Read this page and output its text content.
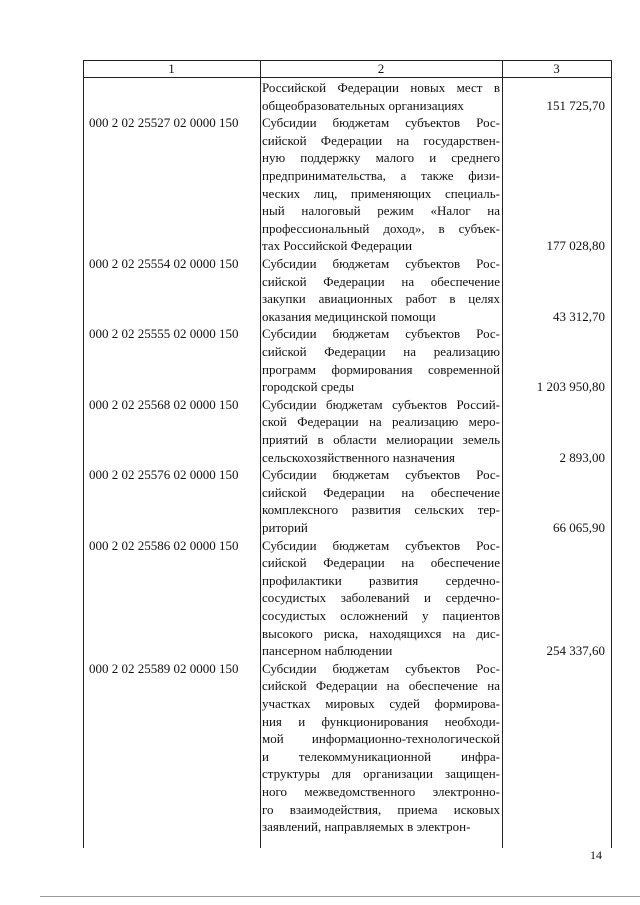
1	2	3
Российской Федерации новых мест в
общеобразовательных организациях	151 725,70
000 2 02 25527 02 0000 150	Субсидии бюджетам субъектов Рос-
сийской Федерации на государствен-
ную поддержку малого и среднего
предпринимательства, а также физи-
ческих лиц, применяющих специаль-
ный налоговый режим «Налог на
профессиональный доход», в субъек-
тах Российской Федерации	177 028,80
000 2 02 25554 02 0000 150	Субсидии бюджетам субъектов Рос-
сийской Федерации на обеспечение
закупки авиационных работ в целях
оказания медицинской помощи	43 312,70
000 2 02 25555 02 0000 150	Субсидии бюджетам субъектов Рос-
сийской Федерации на реализацию
программ формирования современной
городской среды	1 203 950,80
000 2 02 25568 02 0000 150	Субсидии бюджетам субъектов Россий-
ской Федерации на реализацию меро-
приятий в области мелиорации земель
сельскохозяйственного назначения	2 893,00
000 2 02 25576 02 0000 150	Субсидии бюджетам субъектов Рос-
сийской Федерации на обеспечение
комплексного развития сельских тер-
риторий	66 065,90
000 2 02 25586 02 0000 150	Субсидии бюджетам субъектов Рос-
сийской Федерации на обеспечение
профилактики развития сердечно-
сосудистых заболеваний и сердечно-
сосудистых осложнений у пациентов
высокого риска, находящихся на дис-
пансерном наблюдении	254 337,60
000 2 02 25589 02 0000 150	Субсидии бюджетам субъектов Рос-
сийской Федерации на обеспечение на
участках мировых судей формирова-
ния и функционирования необходи-
мой информационно-технологической
и телекоммуникационной инфра-
структуры для организации защищен-
ного межведомственного электронно-
го взаимодействия, приема исковых
заявлений, направляемых в электрон-
14
